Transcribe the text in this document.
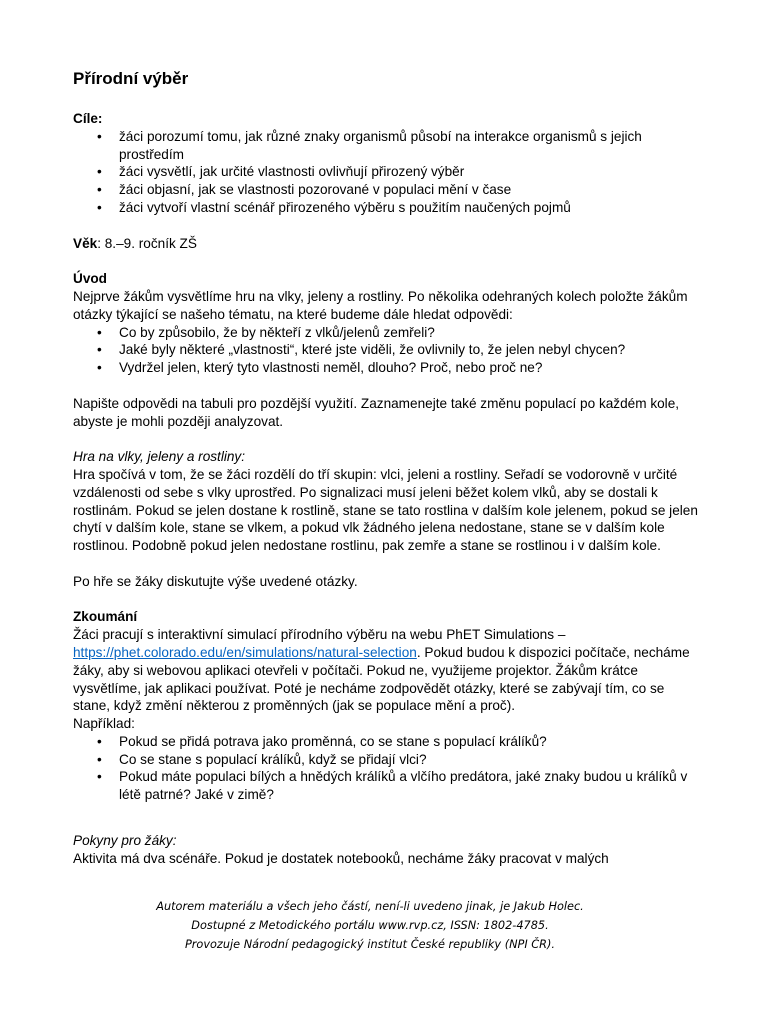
Přírodní výběr
Cíle:
• žáci porozumí tomu, jak různé znaky organismů působí na interakce organismů s jejich prostředím
• žáci vysvětlí, jak určité vlastnosti ovlivňují přirozený výběr
• žáci objasní, jak se vlastnosti pozorované v populaci mění v čase
• žáci vytvoří vlastní scénář přirozeného výběru s použitím naučených pojmů

Věk: 8.–9. ročník ZŠ

Úvod

Nejprve žákům vysvětlíme hru na vlky, jeleny a rostliny. Po několika odehraných kolech položte žákům otázky týkající se našeho tématu, na které budeme dále hledat odpovědi:

• Co by způsobilo, že by někteří z vlků/jelenů zemřeli?
• Jaké byly některé „vlastnosti“, které jste viděli, že ovlivnily to, že jelen nebyl chycen?
• Vydržel jelen, který tyto vlastnosti neměl, dlouho? Proč, nebo proč ne?

Napište odpovědi na tabuli pro pozdější využití. Zaznamenejte také změnu populací po každém kole, abyste je mohli později analyzovat.

Hra na vlky, jeleny a rostliny:

Hra spočívá v tom, že se žáci rozdělí do tří skupin: vlci, jeleni a rostliny. Seřadí se vodorovně v určité vzdálenosti od sebe s vlky uprostřed. Po signalizaci musí jeleni běžet kolem vlků, aby se dostali k rostlinám. Pokud se jelen dostane k rostlině, stane se tato rostlina v dalším kole jelenem, pokud se jelen chytí v dalším kole, stane se vlkem, a pokud vlk žádného jelena nedostane, stane se v dalším kole rostlinou. Podobně pokud jelen nedostane rostlinu, pak zemře a stane se rostlinou i v dalším kole.

Po hře se žáky diskutujte výše uvedené otázky.

Zkoumání

Žáci pracují s interaktivní simulací přírodního výběru na webu PhET Simulations – https://phet.colorado.edu/en/simulations/natural-selection. Pokud budou k dispozici počítače, necháme žáky, aby si webovou aplikaci otevřeli v počítači. Pokud ne, využijeme projektor. Žákům krátce vysvětlíme, jak aplikaci používat. Poté je necháme zodpovědět otázky, které se zabývají tím, co se stane, když změní některou z proměnných (jak se populace mění a proč).

Například:
• Pokud se přidá potrava jako proměnná, co se stane s populací králíků?
• Co se stane s populací králíků, když se přidají vlci?
• Pokud máte populaci bílých a hnědých králíků a vlčího predátora, jaké znaky budou u králíků v létě patrné? Jaké v zimě?
Pokyny pro žáky:

Aktivita má dva scénáře. Pokud je dostatek notebooků, necháme žáky pracovat v malých

Autorem materiálu a všech jeho částí, není-li uvedeno jinak, je Jakub Holec.
Dostupné z Metodického portálu www.rvp.cz, ISSN: 1802-4785.
Provozuje Národní pedagogický institut České republiky (NPI ČR).
